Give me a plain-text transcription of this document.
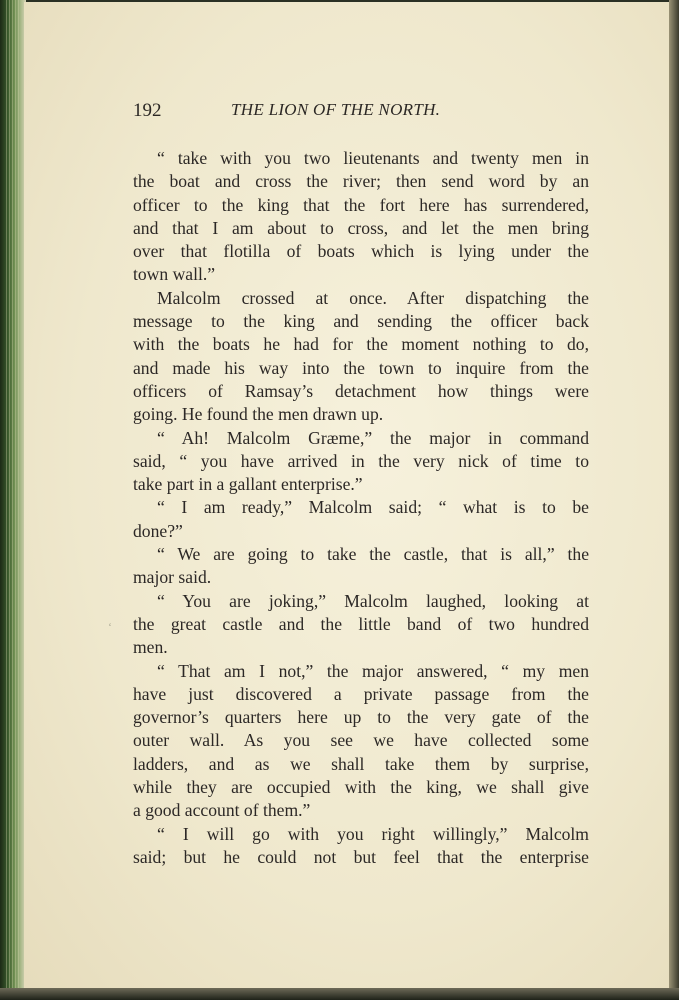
192	THE LION OF THE NORTH.
“ take with you two lieutenants and twenty men in
the boat and cross the river; then send word by an
officer to the king that the fort here has surrendered,
and that I am about to cross, and let the men bring
over that flotilla of boats which is lying under the
town wall.”
Malcolm crossed at once. After dispatching the
message to the king and sending the officer back
with the boats he had for the moment nothing to do,
and made his way into the town to inquire from the
officers of Ramsay’s detachment how things were
going. He found the men drawn up.
“ Ah! Malcolm Græme,” the major in command
said, “ you have arrived in the very nick of time to
take part in a gallant enterprise.”
“ I am ready,” Malcolm said; “ what is to be
done?”
“ We are going to take the castle, that is all,” the
major said.
“ You are joking,” Malcolm laughed, looking at
the great castle and the little band of two hundred
men.
“ That am I not,” the major answered, “ my men
have just discovered a private passage from the
governor’s quarters here up to the very gate of the
outer wall. As you see we have collected some
ladders, and as we shall take them by surprise,
while they are occupied with the king, we shall give
a good account of them.”
“ I will go with you right willingly,” Malcolm
said; but he could not but feel that the enterprise
‘
